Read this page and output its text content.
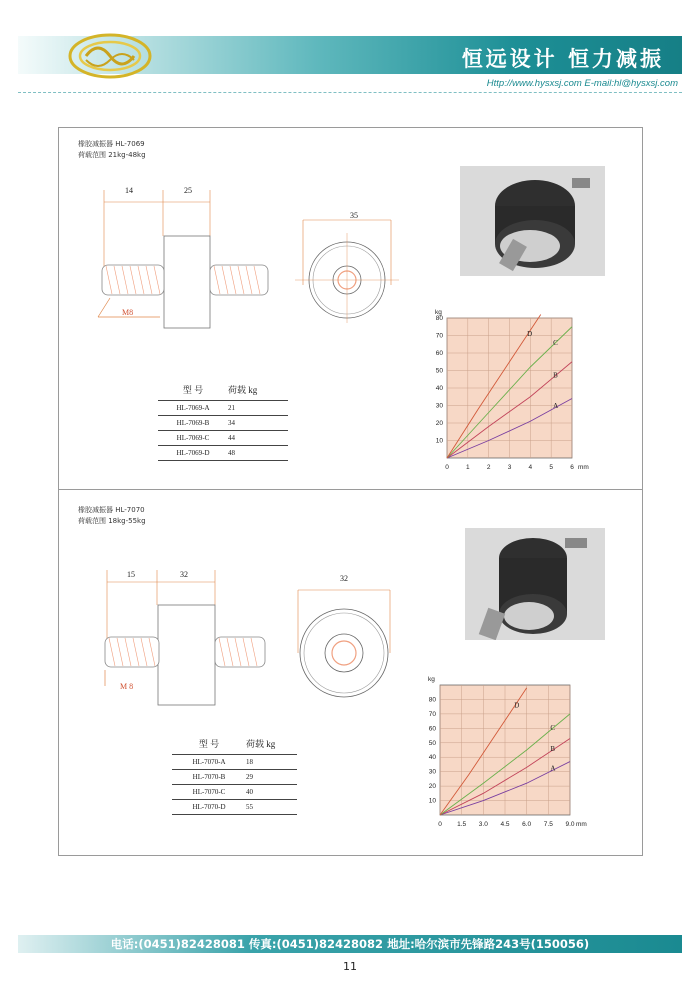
恒远设计 恒力减振
Http://www.hysxsj.com E-mail:hl@hysxsj.com
橡胶减振器 HL-7069
荷载范围 21kg-48kg
14	25
M8
35
型 号	荷载 kg
HL-7069-A	21
HL-7069-B	34
HL-7069-C	44
HL-7069-D	48
0	1	2	3	4	5	6
10
20
30
40
50
60
70
80
kg
mm
A
B
C
D
橡胶减振器 HL-7070
荷载范围 18kg-55kg
15	32
M 8
32
型 号	荷载 kg
HL-7070-A	18
HL-7070-B	29
HL-7070-C	40
HL-7070-D	55
0 1.5 3.0 4.5 6.0 7.5 9.0
10
20
30
40
50
60
70
80
kg
mm
A
B
C
D
电话:(0451)82428081 传真:(0451)82428082 地址:哈尔滨市先锋路243号(150056)
11
